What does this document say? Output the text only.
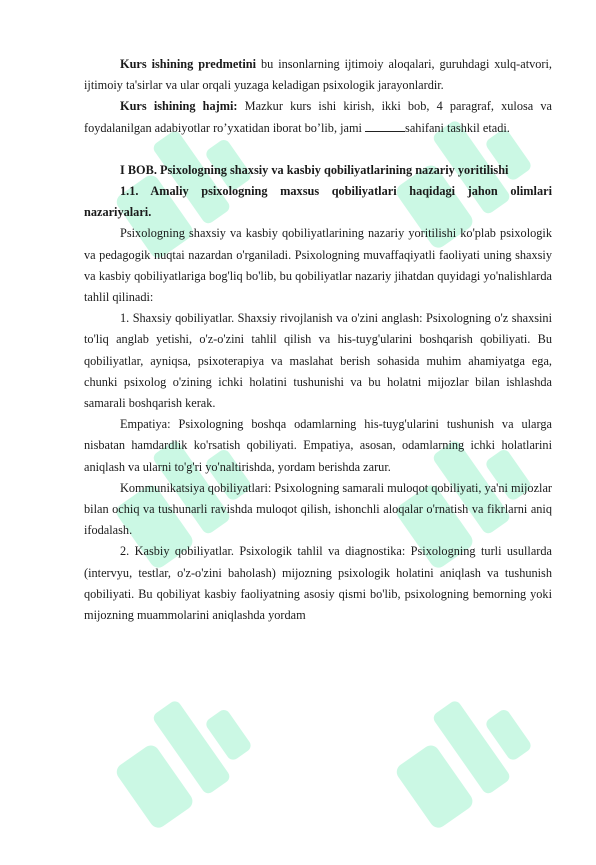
Kurs ishining predmetini bu insonlarning ijtimoiy aloqalari, guruhdagi xulq-atvori, ijtimoiy ta'sirlar va ular orqali yuzaga keladigan psixologik jarayonlardir.

Kurs ishining hajmi: Mazkur kurs ishi kirish, ikki bob, 4 paragraf, xulosa va foydalanilgan adabiyotlar ro’yxatidan iborat bo’lib, jami	sahifani tashkil etadi.

I BOB. Psixologning shaxsiy va kasbiy qobiliyatlarining nazariy yoritilishi

1.1. Amaliy psixologning maxsus qobiliyatlari haqidagi jahon olimlari nazariyalari.

Psixologning shaxsiy va kasbiy qobiliyatlarining nazariy yoritilishi ko'plab psixologik va pedagogik nuqtai nazardan o'rganiladi. Psixologning muvaffaqiyatli faoliyati uning shaxsiy va kasbiy qobiliyatlariga bog'liq bo'lib, bu qobiliyatlar nazariy jihatdan quyidagi yo'nalishlarda tahlil qilinadi:

1. Shaxsiy qobiliyatlar. Shaxsiy rivojlanish va o'zini anglash: Psixologning o'z shaxsini to'liq anglab yetishi, o'z-o'zini tahlil qilish va his-tuyg'ularini boshqarish qobiliyati. Bu qobiliyatlar, ayniqsa, psixoterapiya va maslahat berish sohasida muhim ahamiyatga ega, chunki psixolog o'zining ichki holatini tushunishi va bu holatni mijozlar bilan ishlashda samarali boshqarish kerak.

Empatiya: Psixologning boshqa odamlarning his-tuyg'ularini tushunish va ularga nisbatan hamdardlik ko'rsatish qobiliyati. Empatiya, asosan, odamlarning ichki holatlarini aniqlash va ularni to'g'ri yo'naltirishda, yordam berishda zarur.

Kommunikatsiya qobiliyatlari: Psixologning samarali muloqot qobiliyati, ya'ni mijozlar bilan ochiq va tushunarli ravishda muloqot qilish, ishonchli aloqalar o'rnatish va fikrlarni aniq ifodalash.

2. Kasbiy qobiliyatlar. Psixologik tahlil va diagnostika: Psixologning turli usullarda (intervyu, testlar, o'z-o'zini baholash) mijozning psixologik holatini aniqlash va tushunish qobiliyati. Bu qobiliyat kasbiy faoliyatning asosiy qismi bo'lib, psixologning bemorning yoki mijozning muammolarini aniqlashda yordam
